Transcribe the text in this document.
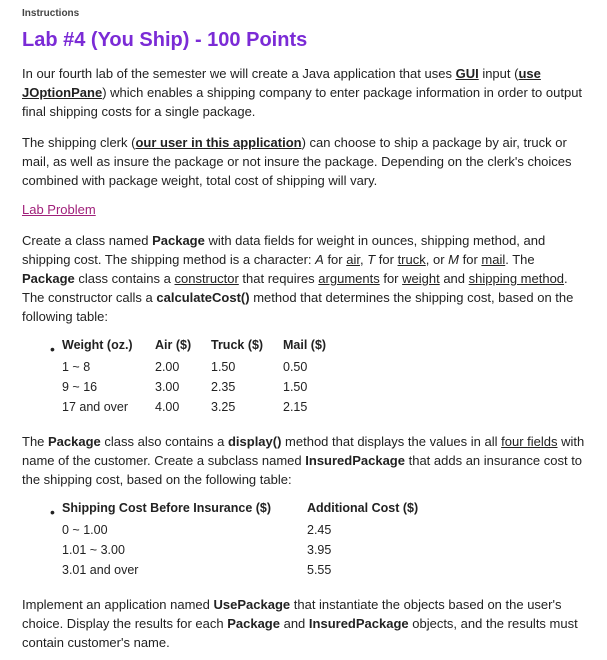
Instructions
Lab #4 (You Ship) - 100 Points

In our fourth lab of the semester we will create a Java application that uses GUI input (use JOptionPane) which enables a shipping company to enter package information in order to output final shipping costs for a single package.

The shipping clerk (our user in this application) can choose to ship a package by air, truck or mail, as well as insure the package or not insure the package. Depending on the clerk's choices combined with package weight, total cost of shipping will vary.

Lab Problem

Create a class named Package with data fields for weight in ounces, shipping method, and shipping cost. The shipping method is a character: A for air, T for truck, or M for mail. The Package class contains a constructor that requires arguments for weight and shipping method. The constructor calls a calculateCost() method that determines the shipping cost, based on the following table:

• Weight (oz.)	Air ($)	Truck ($)	Mail ($)
1 ~ 8	2.00	1.50	0.50
9 ~ 16	3.00	2.35	1.50
17 and over	4.00	3.25	2.15

The Package class also contains a display() method that displays the values in all four fields with name of the customer. Create a subclass named InsuredPackage that adds an insurance cost to the shipping cost, based on the following table:

• Shipping Cost Before Insurance ($)	Additional Cost ($)
0 ~ 1.00	2.45
1.01 ~ 3.00	3.95
3.01 and over	5.55

Implement an application named UsePackage that instantiate the objects based on the user's choice. Display the results for each Package and InsuredPackage objects, and the results must contain customer's name.
